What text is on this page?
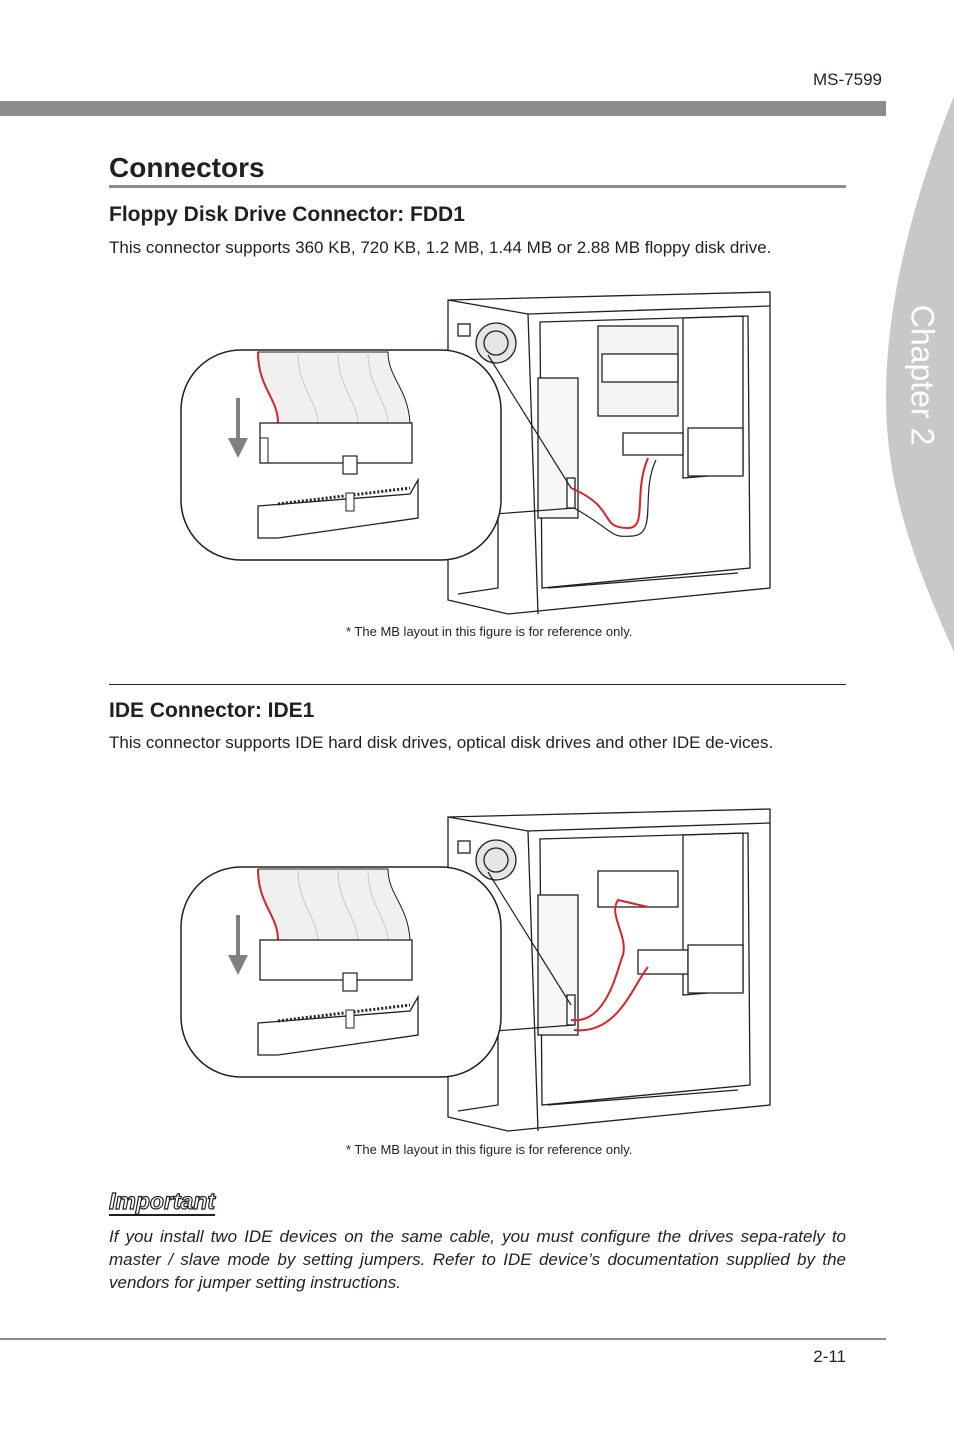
MS-7599
Chapter 2
Connectors
Floppy Disk Drive Connector: FDD1
This connector supports 360 KB, 720 KB, 1.2 MB, 1.44 MB or 2.88 MB floppy disk drive.
* The MB layout in this figure is for reference only.
IDE Connector: IDE1
This connector supports IDE hard disk drives, optical disk drives and other IDE de-vices.
* The MB layout in this figure is for reference only.
Important
If you install two IDE devices on the same cable, you must configure the drives sepa-rately to master / slave mode by setting jumpers. Refer to IDE device’s documentation supplied by the vendors for jumper setting instructions.
2-11
